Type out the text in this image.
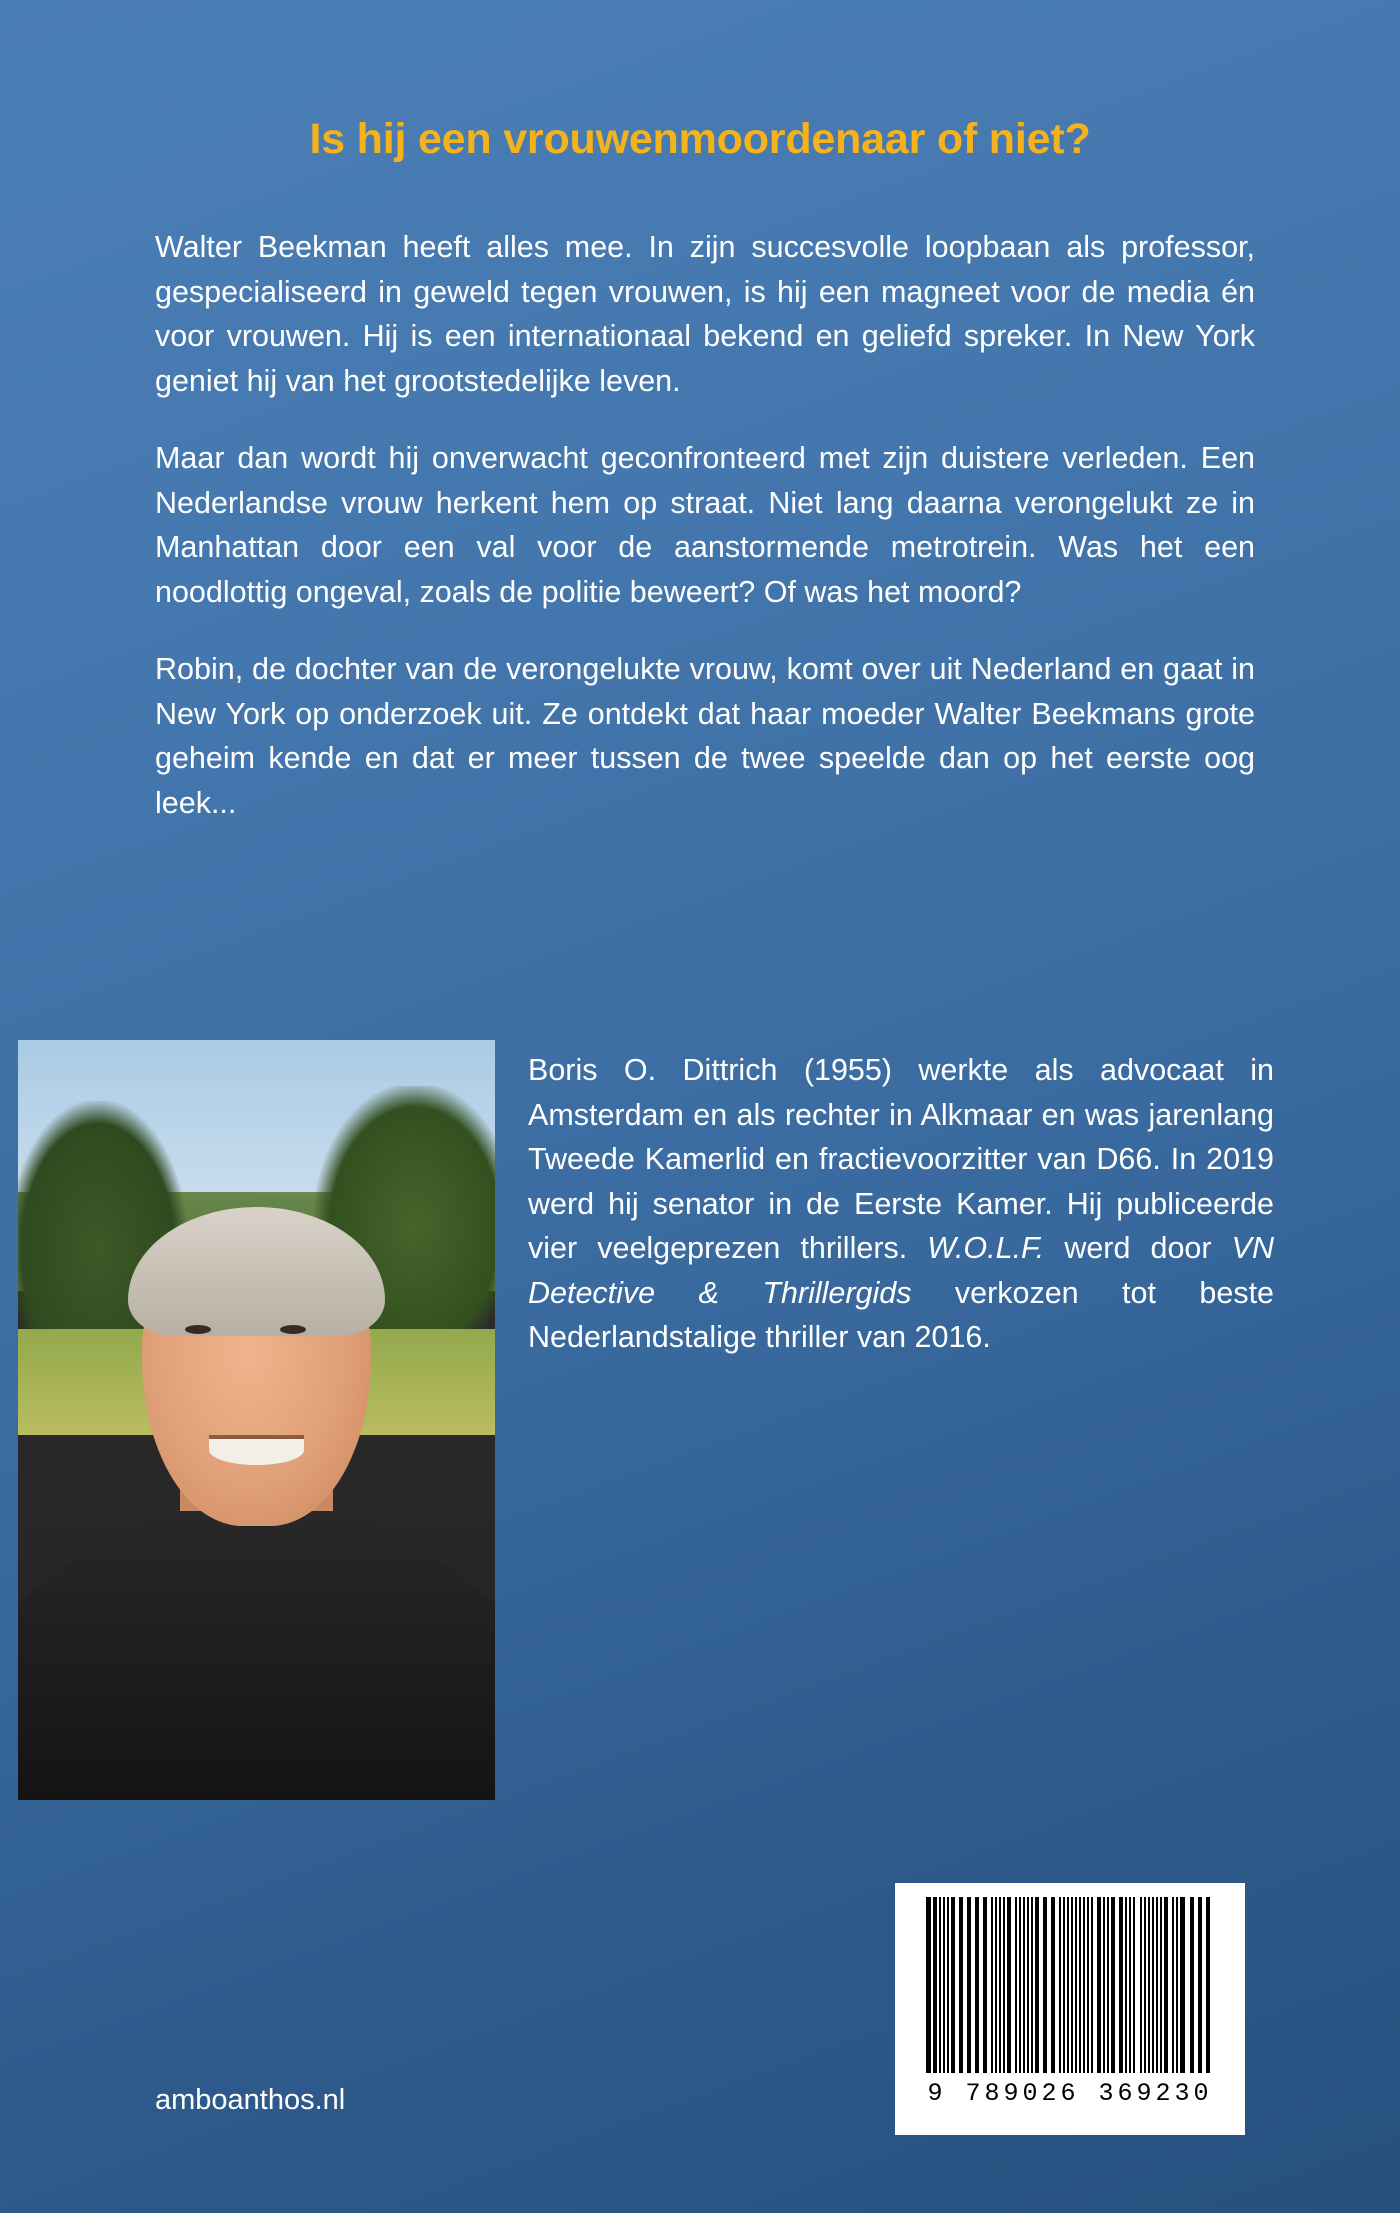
Is hij een vrouwenmoordenaar of niet?

Walter Beekman heeft alles mee. In zijn succesvolle loopbaan als professor, gespecialiseerd in geweld tegen vrouwen, is hij een magneet voor de media én voor vrouwen. Hij is een internationaal bekend en geliefd spreker. In New York geniet hij van het grootstedelijke leven.

Maar dan wordt hij onverwacht geconfronteerd met zijn duistere verleden. Een Nederlandse vrouw herkent hem op straat. Niet lang daarna verongelukt ze in Manhattan door een val voor de aanstormende metrotrein. Was het een noodlottig ongeval, zoals de politie beweert? Of was het moord?

Robin, de dochter van de verongelukte vrouw, komt over uit Nederland en gaat in New York op onderzoek uit. Ze ontdekt dat haar moeder Walter Beekmans grote geheim kende en dat er meer tussen de twee speelde dan op het eerste oog leek...

Boris O. Dittrich (1955) werkte als advocaat in Amsterdam en als rechter in Alkmaar en was jarenlang Tweede Kamerlid en fractievoorzitter van D66. In 2019 werd hij senator in de Eerste Kamer. Hij publiceerde vier veelgeprezen thrillers. W.O.L.F. werd door VN Detective & Thrillergids verkozen tot beste Nederlandstalige thriller van 2016.
amboanthos.nl	9 789026 369230
